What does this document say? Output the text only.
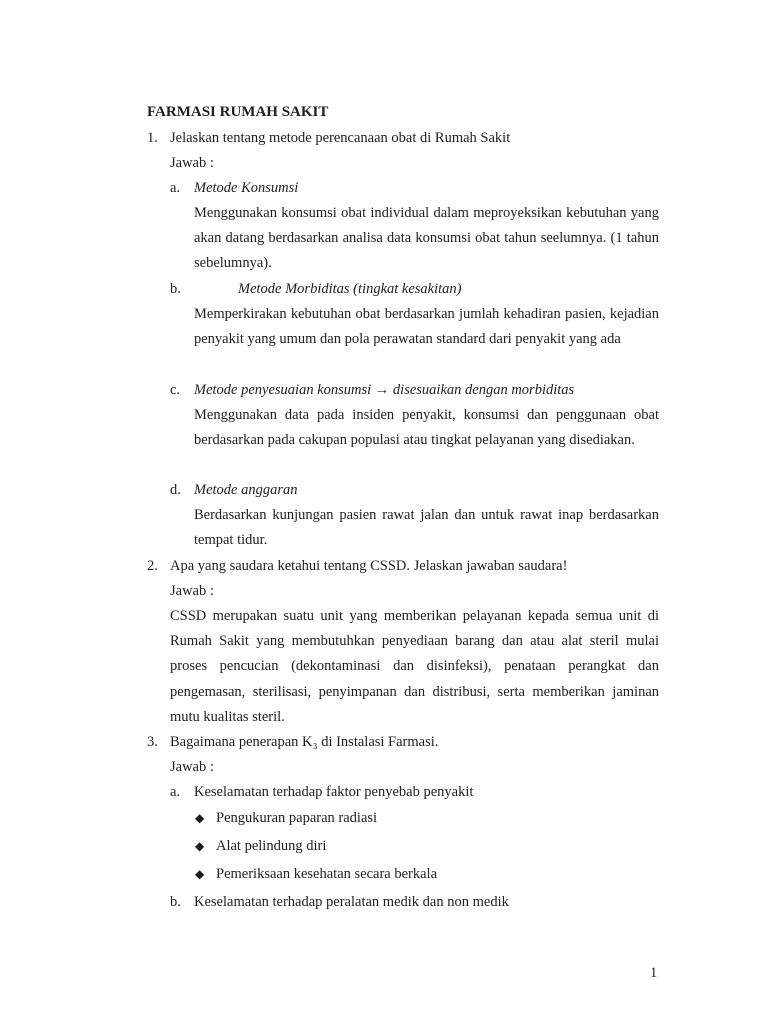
FARMASI RUMAH SAKIT
1. Jelaskan tentang metode perencanaan obat di Rumah Sakit
Jawab :
a. Metode Konsumsi

Menggunakan konsumsi obat individual dalam meproyeksikan kebutuhan yang akan datang berdasarkan analisa data konsumsi obat tahun seelumnya. (1 tahun sebelumnya).

b.	Metode Morbiditas (tingkat kesakitan)

Memperkirakan kebutuhan obat berdasarkan jumlah kehadiran pasien, kejadian penyakit yang umum dan pola perawatan standard dari penyakit yang ada

c. Metode penyesuaian konsumsi → disesuaikan dengan morbiditas

Menggunakan data pada insiden penyakit, konsumsi dan penggunaan obat berdasarkan pada cakupan populasi atau tingkat pelayanan yang disediakan.

d. Metode anggaran

Berdasarkan kunjungan pasien rawat jalan dan untuk rawat inap berdasarkan tempat tidur.

2. Apa yang saudara ketahui tentang CSSD. Jelaskan jawaban saudara!
Jawab :

CSSD merupakan suatu unit yang memberikan pelayanan kepada semua unit di Rumah Sakit yang membutuhkan penyediaan barang dan atau alat steril mulai proses pencucian (dekontaminasi dan disinfeksi), penataan perangkat dan pengemasan, sterilisasi, penyimpanan dan distribusi, serta memberikan jaminan mutu kualitas steril.

3. Bagaimana penerapan K₃ di Instalasi Farmasi.
Jawab :
a. Keselamatan terhadap faktor penyebab penyakit
◆ Pengukuran paparan radiasi
◆ Alat pelindung diri
◆ Pemeriksaan kesehatan secara berkala
b. Keselamatan terhadap peralatan medik dan non medik
1
